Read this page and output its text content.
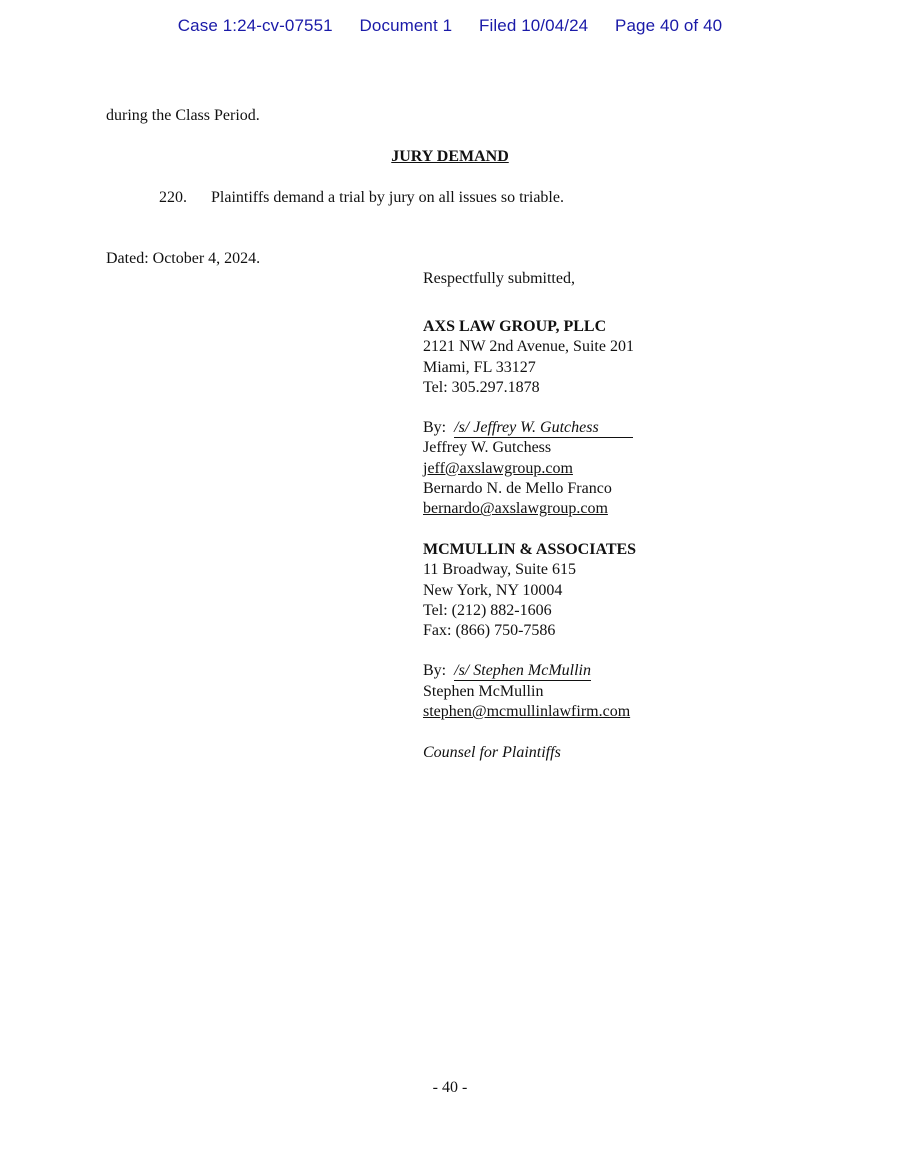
Case 1:24-cv-07551 Document 1 Filed 10/04/24 Page 40 of 40
during the Class Period.
JURY DEMAND
220. Plaintiffs demand a trial by jury on all issues so triable.
Dated: October 4, 2024.
Respectfully submitted,
AXS LAW GROUP, PLLC
2121 NW 2nd Avenue, Suite 201
Miami, FL 33127
Tel: 305.297.1878
By:  /s/ Jeffrey W. Gutchess
Jeffrey W. Gutchess
jeff@axslawgroup.com
Bernardo N. de Mello Franco
bernardo@axslawgroup.com
MCMULLIN & ASSOCIATES
11 Broadway, Suite 615
New York, NY 10004
Tel: (212) 882-1606
Fax: (866) 750-7586
By:  /s/ Stephen McMullin
Stephen McMullin
stephen@mcmullinlawfirm.com
Counsel for Plaintiffs
- 40 -
